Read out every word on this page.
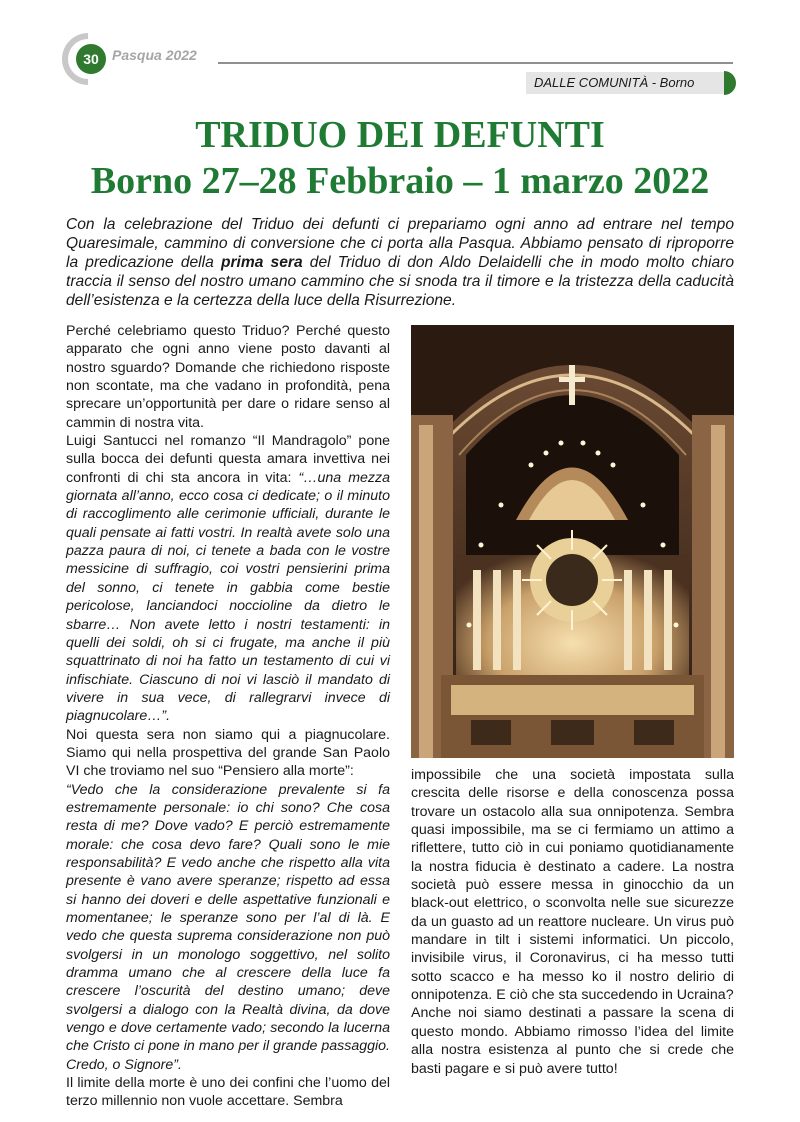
30 Pasqua 2022
DALLE COMUNITÀ - Borno
TRIDUO DEI DEFUNTI
Borno 27–28 Febbraio – 1 marzo 2022

Con la celebrazione del Triduo dei defunti ci prepariamo ogni anno ad entrare nel tempo Quaresimale, cammino di conversione che ci porta alla Pasqua. Abbiamo pensato di riproporre la predicazione della prima sera del Triduo di don Aldo Delaidelli che in modo molto chiaro traccia il senso del nostro umano cammino che si snoda tra il timore e la tristezza della caducità dell’esistenza e la certezza della luce della Risurrezione.

Perché celebriamo questo Triduo? Perché questo apparato che ogni anno viene posto davanti al nostro sguardo? Domande che richiedono risposte non scontate, ma che vadano in profondità, pena sprecare un’opportunità per dare o ridare senso al cammin di nostra vita.

Luigi Santucci nel romanzo “Il Mandragolo” pone sulla bocca dei defunti questa amara invettiva nei confronti di chi sta ancora in vita: “…una mezza giornata all’anno, ecco cosa ci dedicate; o il minuto di raccoglimento alle cerimonie ufficiali, durante le quali pensate ai fatti vostri. In realtà avete solo una pazza paura di noi, ci tenete a bada con le vostre messicine di suffragio, coi vostri pensierini prima del sonno, ci tenete in gabbia come bestie pericolose, lanciandoci noccioline da dietro le sbarre… Non avete letto i nostri testamenti: in quelli dei soldi, oh si ci frugate, ma anche il più squattrinato di noi ha fatto un testamento di cui vi infischiate. Ciascuno di noi vi lasciò il mandato di vivere in sua vece, di rallegrarvi invece di piagnucolare…”.

Noi questa sera non siamo qui a piagnucolare. Siamo qui nella prospettiva del grande San Paolo VI che troviamo nel suo “Pensiero alla morte”:

“Vedo che la considerazione prevalente si fa estremamente personale: io chi sono? Che cosa resta di me? Dove vado? E perciò estremamente morale: che cosa devo fare? Quali sono le mie responsabilità? E vedo anche che rispetto alla vita presente è vano avere speranze; rispetto ad essa si hanno dei doveri e delle aspettative funzionali e momentanee; le speranze sono per l’al di là. E vedo che questa suprema considerazione non può svolgersi in un monologo soggettivo, nel solito dramma umano che al crescere della luce fa crescere l’oscurità del destino umano; deve svolgersi a dialogo con la Realtà divina, da dove vengo e dove certamente vado; secondo la lucerna che Cristo ci pone in mano per il grande passaggio. Credo, o Signore”.

Il limite della morte è uno dei confini che l’uomo del terzo millennio non vuole accettare. Sembra

impossibile che una società impostata sulla crescita delle risorse e della conoscenza possa trovare un ostacolo alla sua onnipotenza. Sembra quasi impossibile, ma se ci fermiamo un attimo a riflettere, tutto ciò in cui poniamo quotidianamente la nostra fiducia è destinato a cadere. La nostra società può essere messa in ginocchio da un black-out elettrico, o sconvolta nelle sue sicurezze da un guasto ad un reattore nucleare. Un virus può mandare in tilt i sistemi informatici. Un piccolo, invisibile virus, il Coronavirus, ci ha messo tutti sotto scacco e ha messo ko il nostro delirio di onnipotenza. E ciò che sta succedendo in Ucraina?

Anche noi siamo destinati a passare la scena di questo mondo. Abbiamo rimosso l’idea del limite alla nostra esistenza al punto che si crede che basti pagare e si può avere tutto!
